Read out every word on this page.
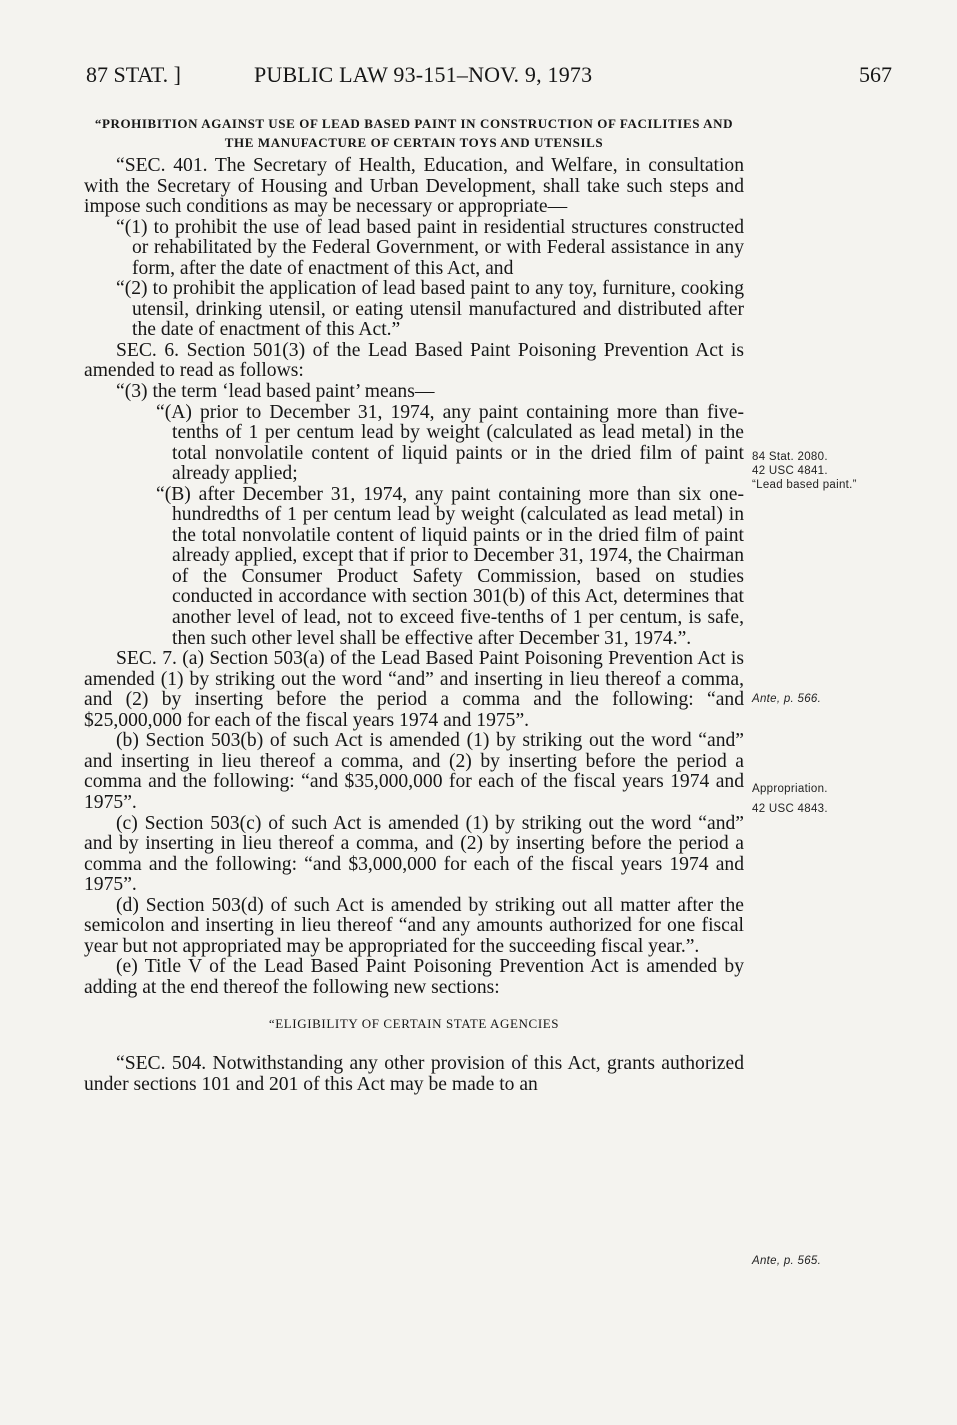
87 STAT. ]	PUBLIC LAW 93-151–NOV. 9, 1973	567

“PROHIBITION AGAINST USE OF LEAD BASED PAINT IN CONSTRUCTION OF FACILITIES AND THE MANUFACTURE OF CERTAIN TOYS AND UTENSILS

“SEC. 401. The Secretary of Health, Education, and Welfare, in consultation with the Secretary of Housing and Urban Development, shall take such steps and impose such conditions as may be necessary or appropriate—

“(1) to prohibit the use of lead based paint in residential structures constructed or rehabilitated by the Federal Government, or with Federal assistance in any form, after the date of enactment of this Act, and

“(2) to prohibit the application of lead based paint to any toy, furniture, cooking utensil, drinking utensil, or eating utensil manufactured and distributed after the date of enactment of this Act.”

SEC. 6. Section 501(3) of the Lead Based Paint Poisoning Prevention Act is amended to read as follows:

“(3) the term ‘lead based paint’ means—

“(A) prior to December 31, 1974, any paint containing more than five-tenths of 1 per centum lead by weight (calculated as lead metal) in the total nonvolatile content of liquid paints or in the dried film of paint already applied;

“(B) after December 31, 1974, any paint containing more than six one-hundredths of 1 per centum lead by weight (calculated as lead metal) in the total nonvolatile content of liquid paints or in the dried film of paint already applied, except that if prior to December 31, 1974, the Chairman of the Consumer Product Safety Commission, based on studies conducted in accordance with section 301(b) of this Act, determines that another level of lead, not to exceed five-tenths of 1 per centum, is safe, then such other level shall be effective after December 31, 1974.”.

SEC. 7. (a) Section 503(a) of the Lead Based Paint Poisoning Prevention Act is amended (1) by striking out the word “and” and inserting in lieu thereof a comma, and (2) by inserting before the period a comma and the following: “and $25,000,000 for each of the fiscal years 1974 and 1975”.

(b) Section 503(b) of such Act is amended (1) by striking out the word “and” and inserting in lieu thereof a comma, and (2) by inserting before the period a comma and the following: “and $35,000,000 for each of the fiscal years 1974 and 1975”.

(c) Section 503(c) of such Act is amended (1) by striking out the word “and” and by inserting in lieu thereof a comma, and (2) by inserting before the period a comma and the following: “and $3,000,000 for each of the fiscal years 1974 and 1975”.

(d) Section 503(d) of such Act is amended by striking out all matter after the semicolon and inserting in lieu thereof “and any amounts authorized for one fiscal year but not appropriated may be appropriated for the succeeding fiscal year.”.

(e) Title V of the Lead Based Paint Poisoning Prevention Act is amended by adding at the end thereof the following new sections:

“ELIGIBILITY OF CERTAIN STATE AGENCIES

“SEC. 504. Notwithstanding any other provision of this Act, grants authorized under sections 101 and 201 of this Act may be made to an

84 Stat. 2080.
42 USC 4841.
“Lead based paint.”
Ante, p. 566.
Appropriation.
42 USC 4843.
Ante, p. 565.
